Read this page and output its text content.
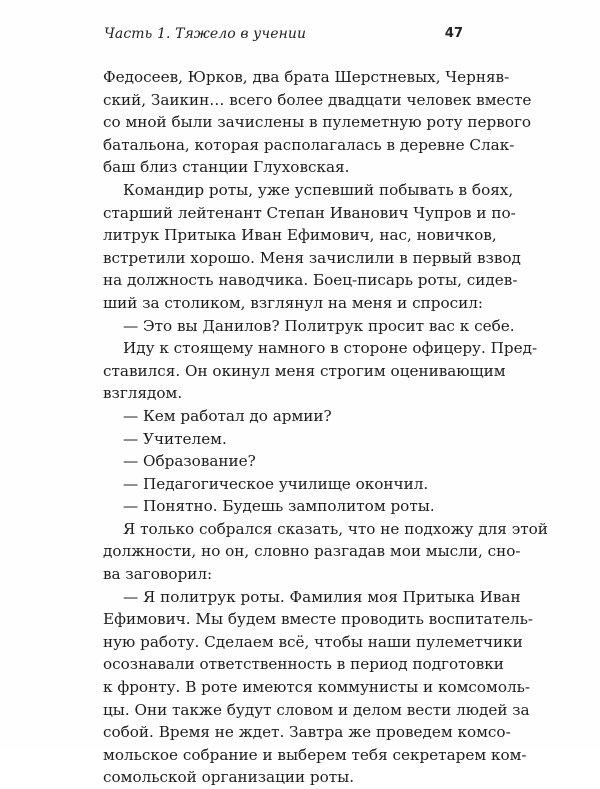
Часть 1. Тяжело в учении	47
Федосеев, Юрков, два брата Шерстневых, Черняв-
ский, Заикин… всего более двадцати человек вместе
со мной были зачислены в пулеметную роту первого
батальона, которая располагалась в деревне Слак-
баш близ станции Глуховская.
Командир роты, уже успевший побывать в боях,
старший лейтенант Степан Иванович Чупров и по-
литрук Притыка Иван Ефимович, нас, новичков,
встретили хорошо. Меня зачислили в первый взвод
на должность наводчика. Боец-писарь роты, сидев-
ший за столиком, взглянул на меня и спросил:
— Это вы Данилов? Политрук просит вас к себе.
Иду к стоящему намного в стороне офицеру. Пред-
ставился. Он окинул меня строгим оценивающим
взглядом.
— Кем работал до армии?
— Учителем.
— Образование?
— Педагогическое училище окончил.
— Понятно. Будешь замполитом роты.
Я только собрался сказать, что не подхожу для этой
должности, но он, словно разгадав мои мысли, сно-
ва заговорил:
— Я политрук роты. Фамилия моя Притыка Иван
Ефимович. Мы будем вместе проводить воспитатель-
ную работу. Сделаем всё, чтобы наши пулеметчики
осознавали ответственность в период подготовки
к фронту. В роте имеются коммунисты и комсомоль-
цы. Они также будут словом и делом вести людей за
собой. Время не ждет. Завтра же проведем комсо-
мольское собрание и выберем тебя секретарем ком-
сомольской организации роты.
